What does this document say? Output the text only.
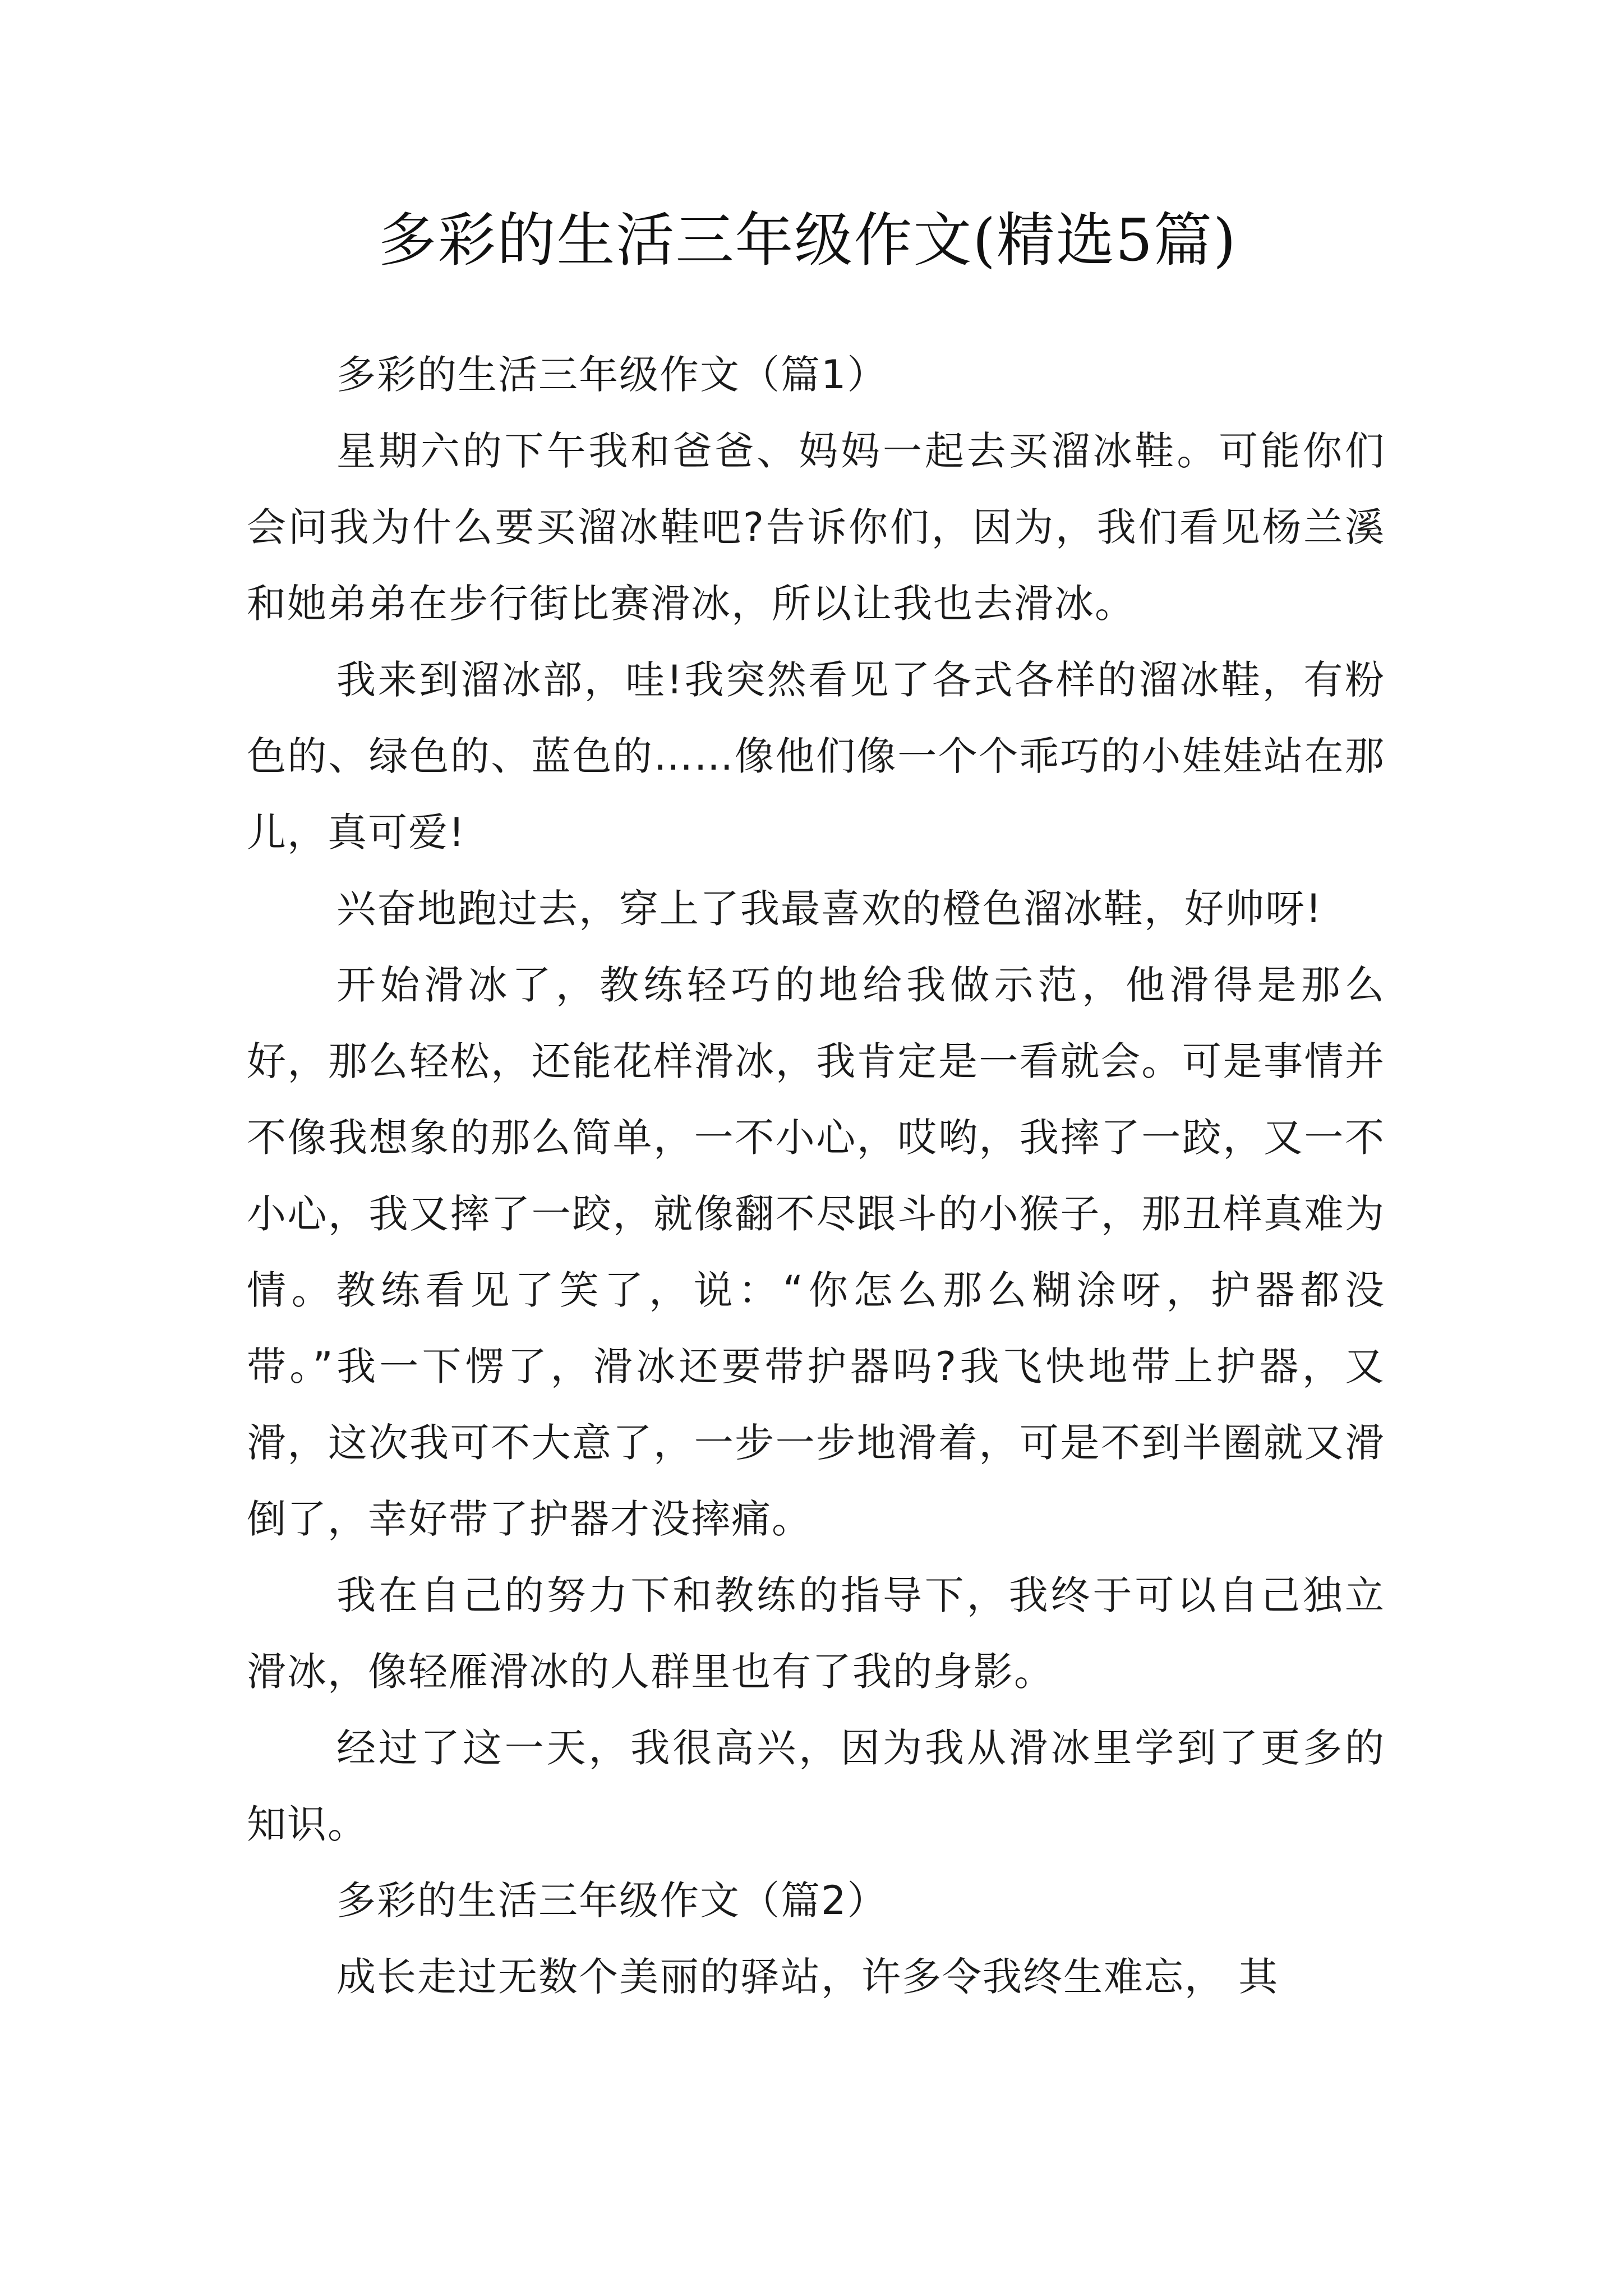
多彩的生活三年级作文(精选5篇)

多彩的生活三年级作文（篇1）

星期六的下午我和爸爸、妈妈一起去买溜冰鞋。可能你们会问我为什么要买溜冰鞋吧?告诉你们，因为，我们看见杨兰溪和她弟弟在步行街比赛滑冰，所以让我也去滑冰。

我来到溜冰部，哇!我突然看见了各式各样的溜冰鞋，有粉色的、绿色的、蓝色的……像他们像一个个乖巧的小娃娃站在那儿，真可爱!

兴奋地跑过去，穿上了我最喜欢的橙色溜冰鞋，好帅呀!

开始滑冰了，教练轻巧的地给我做示范，他滑得是那么好，那么轻松，还能花样滑冰，我肯定是一看就会。可是事情并不像我想象的那么简单，一不小心，哎哟，我摔了一跤，又一不小心，我又摔了一跤，就像翻不尽跟斗的小猴子，那丑样真难为情。教练看见了笑了，说：“你怎么那么糊涂呀，护器都没带。”我一下愣了，滑冰还要带护器吗?我飞快地带上护器，又滑，这次我可不大意了，一步一步地滑着，可是不到半圈就又滑倒了，幸好带了护器才没摔痛。

我在自己的努力下和教练的指导下，我终于可以自己独立滑冰，像轻雁滑冰的人群里也有了我的身影。

经过了这一天，我很高兴，因为我从滑冰里学到了更多的知识。

多彩的生活三年级作文（篇2）

成长走过无数个美丽的驿站，许多令我终生难忘， 其
